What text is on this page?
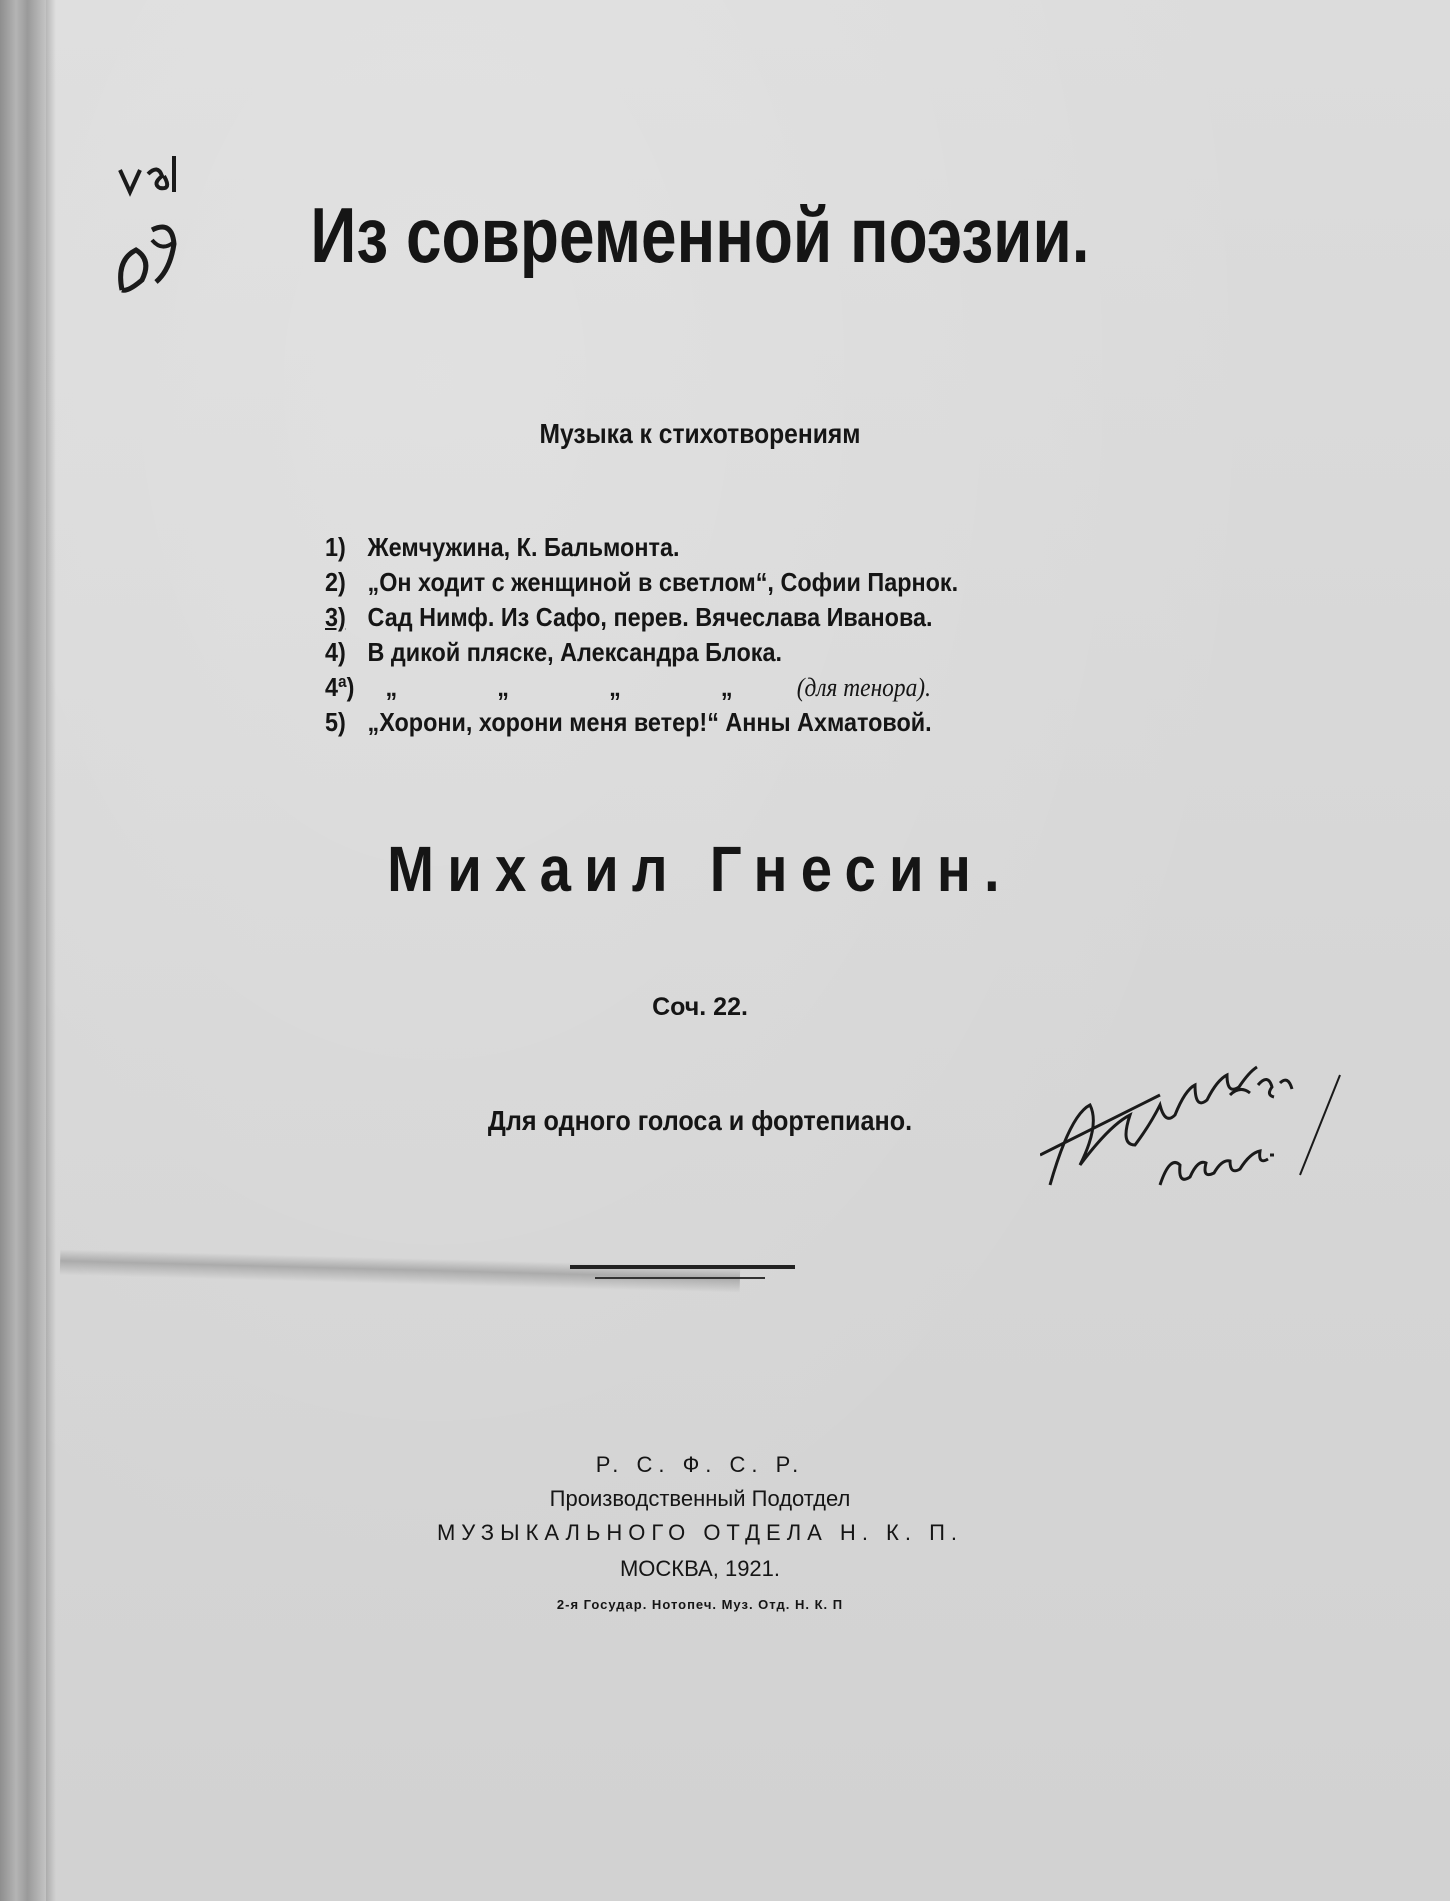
Из современной поэзии.
Музыка к стихотворениям
1) Жемчужина, К. Бальмонта.
2) „Он ходит с женщиной в светлом“, Софии Парнок.
3) Сад Нимф. Из Сафо, перев. Вячеслава Иванова.
4) В дикой пляске, Александра Блока.
4ª) „ „ „ „ (для тенора).
5) „Хорони, хорони меня ветер!“ Анны Ахматовой.
Михаил Гнесин.
Соч. 22.
Для одного голоса и фортепиано.
Р. С. Ф. С. Р.
Производственный Подотдел
МУЗЫКАЛЬНОГО ОТДЕЛА Н. К. П.
МОСКВА, 1921.
2-я Государ. Нотопеч. Муз. Отд. Н. К. П
